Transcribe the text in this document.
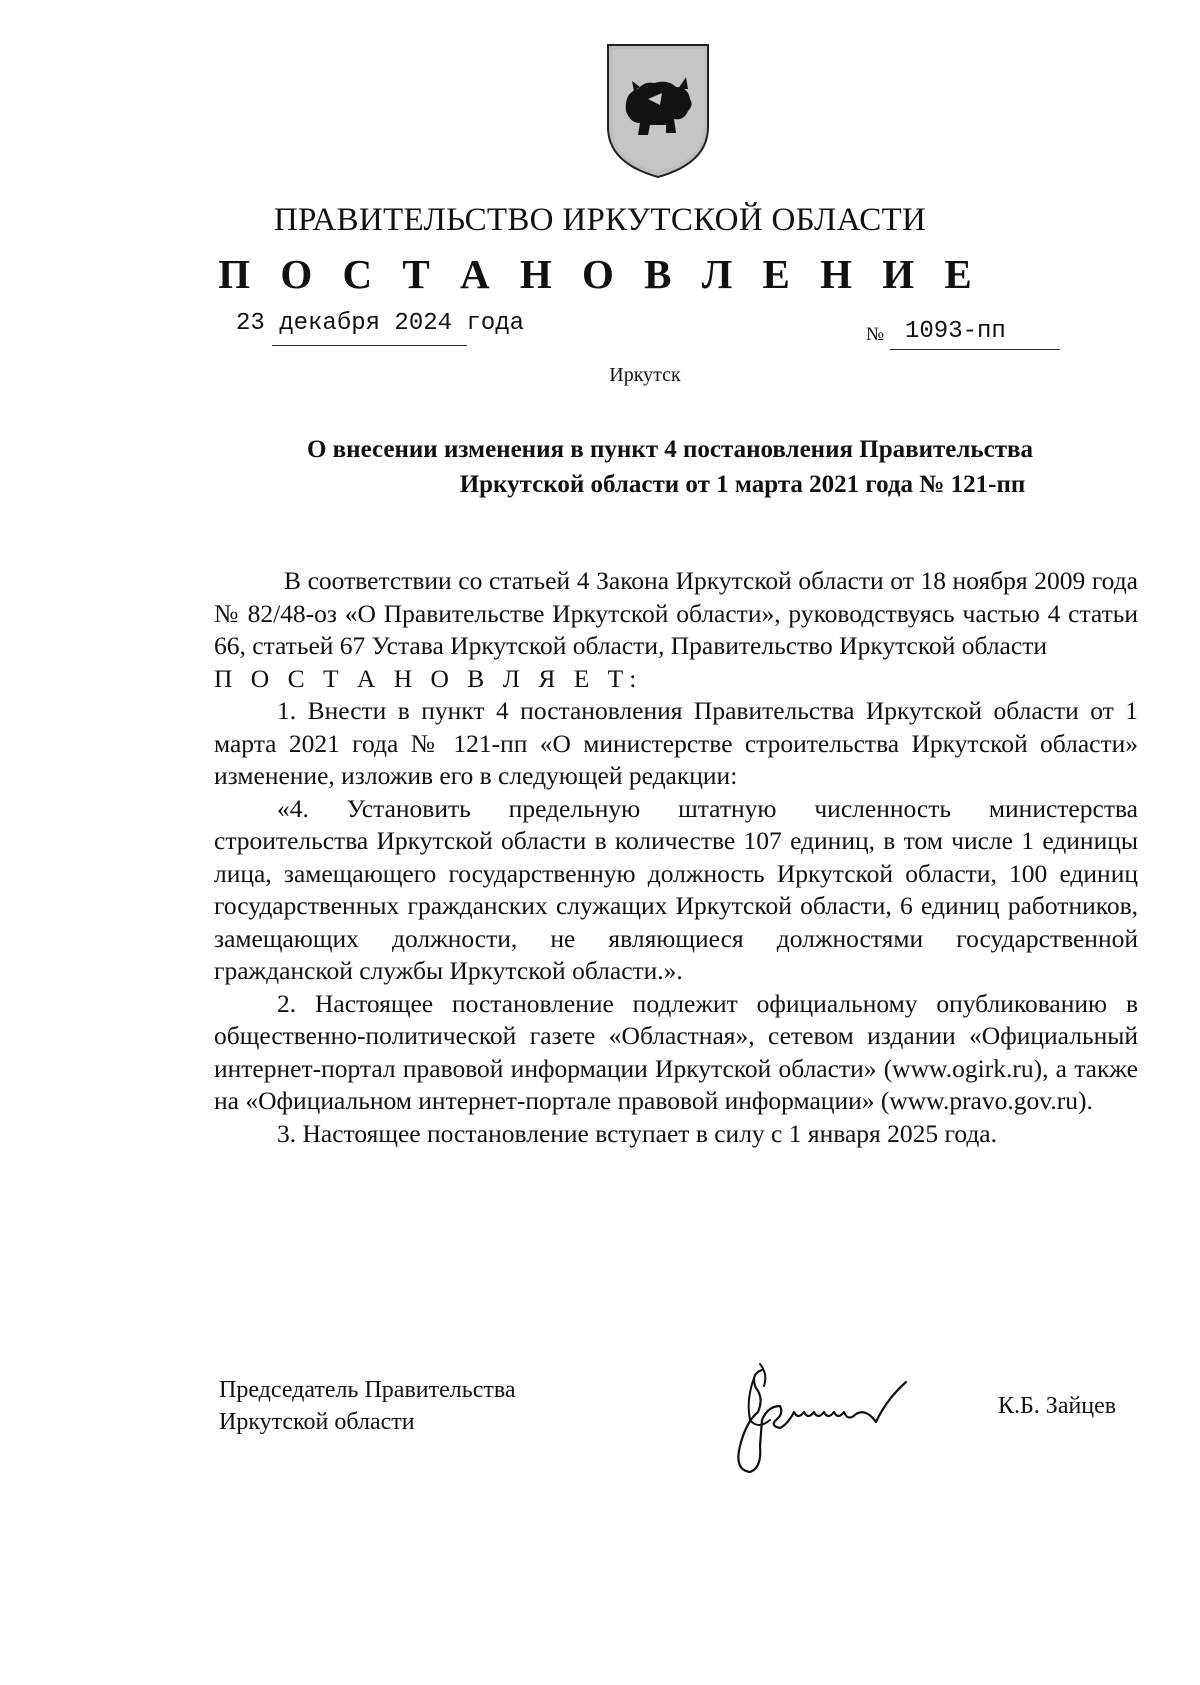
ПРАВИТЕЛЬСТВО ИРКУТСКОЙ ОБЛАСТИ
П О С Т А Н О В Л Е Н И Е
23 декабря 2024 года	№ 1093-пп
Иркутск
О внесении изменения в пункт 4 постановления Правительства
Иркутской области от 1 марта 2021 года № 121-пп

В соответствии со статьей 4 Закона Иркутской области от 18 ноября 2009 года № 82/48-оз «О Правительстве Иркутской области», руководствуясь частью 4 статьи 66, статьей 67 Устава Иркутской области, Правительство Иркутской области

П О С Т А Н О В Л Я Е Т:

1. Внести в пункт 4 постановления Правительства Иркутской области от 1 марта 2021 года № 121-пп «О министерстве строительства Иркутской области» изменение, изложив его в следующей редакции:

«4. Установить предельную штатную численность министерства строительства Иркутской области в количестве 107 единиц, в том числе 1 единицы лица, замещающего государственную должность Иркутской области, 100 единиц государственных гражданских служащих Иркутской области, 6 единиц работников, замещающих должности, не являющиеся должностями государственной гражданской службы Иркутской области.».

2. Настоящее постановление подлежит официальному опубликованию в общественно-политической газете «Областная», сетевом издании «Официальный интернет-портал правовой информации Иркутской области» (www.ogirk.ru), а также на «Официальном интернет-портале правовой информации» (www.pravo.gov.ru).

3. Настоящее постановление вступает в силу с 1 января 2025 года.

Председатель Правительства
Иркутской области
К.Б. Зайцев
